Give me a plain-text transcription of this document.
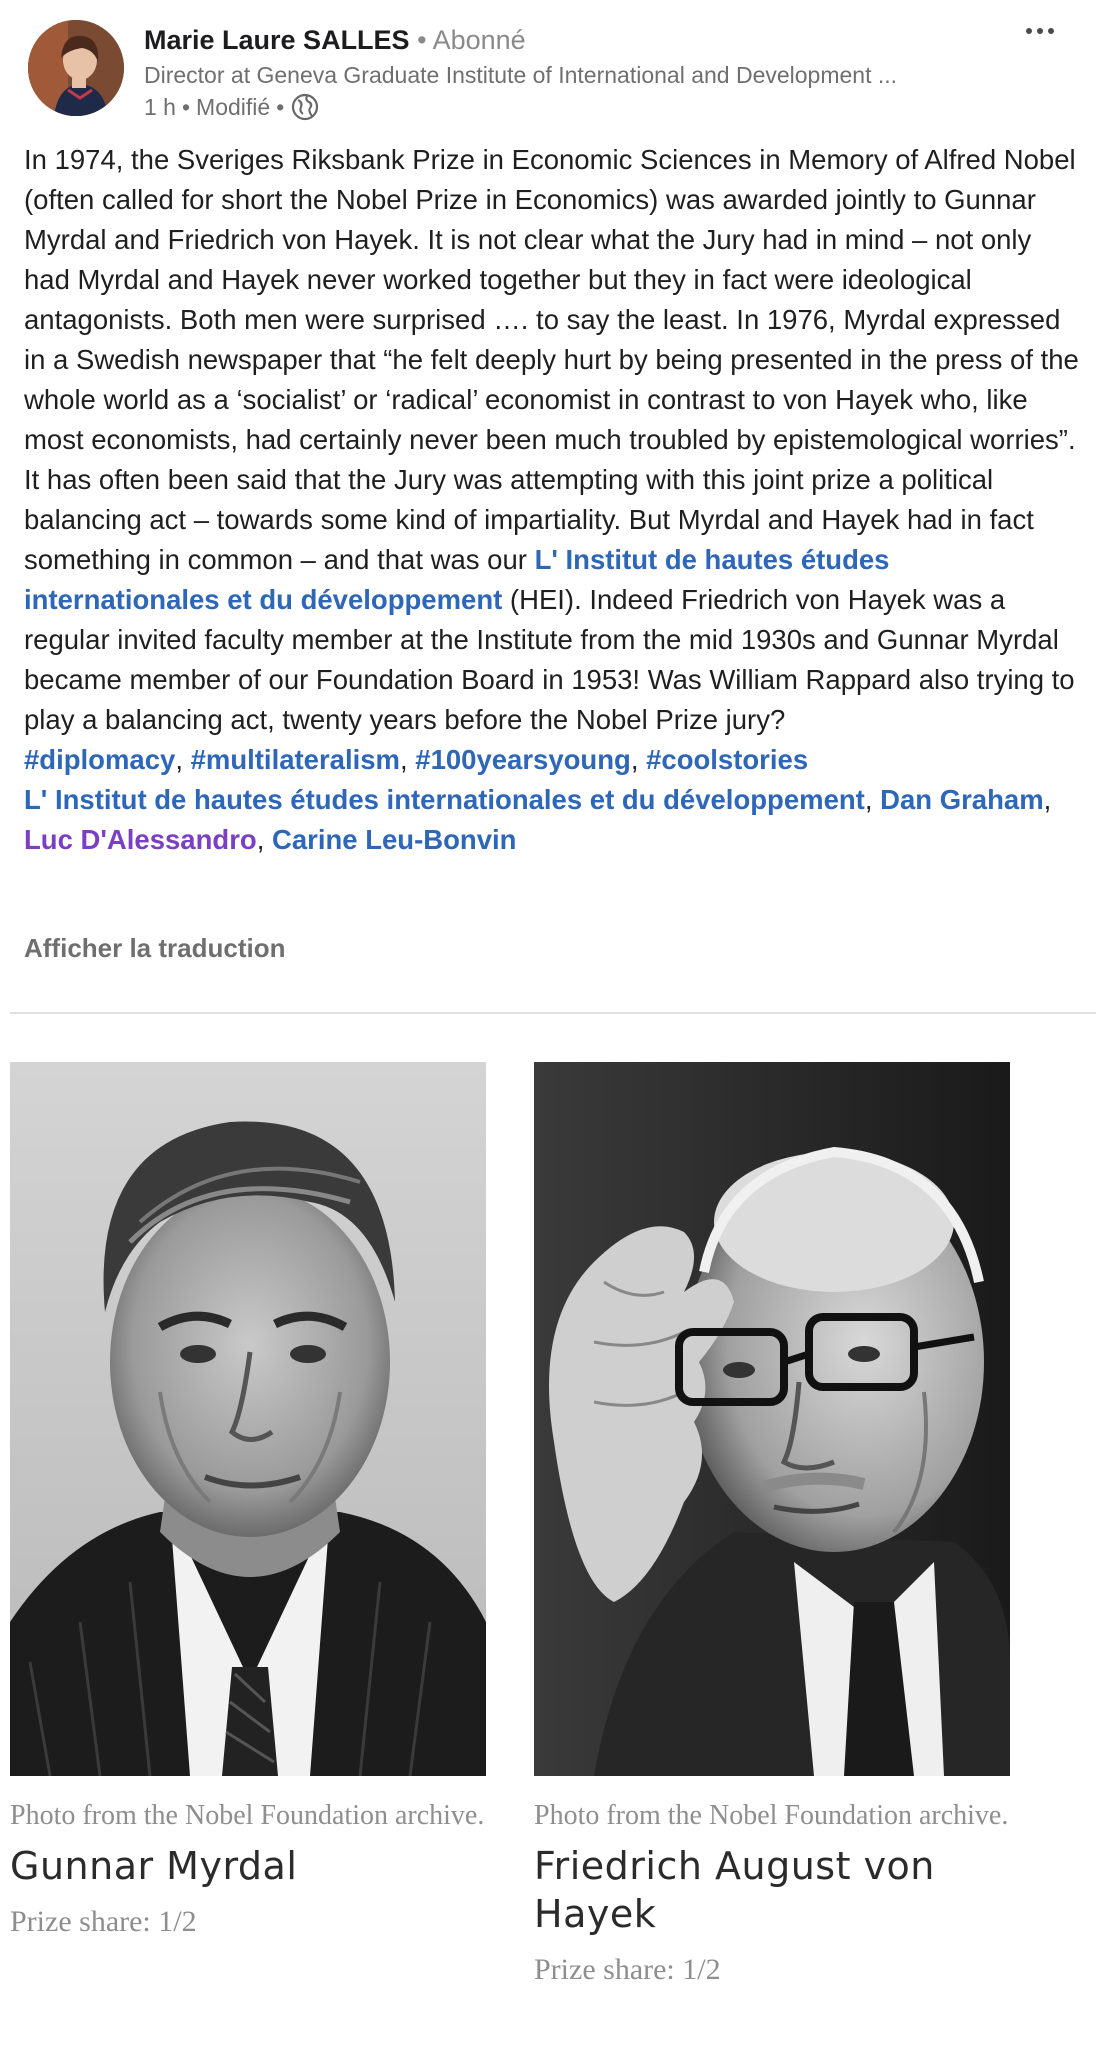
Marie Laure SALLES • Abonné
Director at Geneva Graduate Institute of International and Development ...
1 h • Modifié •
In 1974, the Sveriges Riksbank Prize in Economic Sciences in Memory of Alfred Nobel (often called for short the Nobel Prize in Economics) was awarded jointly to Gunnar Myrdal and Friedrich von Hayek. It is not clear what the Jury had in mind – not only had Myrdal and Hayek never worked together but they in fact were ideological antagonists. Both men were surprised …. to say the least. In 1976, Myrdal expressed in a Swedish newspaper that “he felt deeply hurt by being presented in the press of the whole world as a ‘socialist’ or ‘radical’ economist in contrast to von Hayek who, like most economists, had certainly never been much troubled by epistemological worries”. It has often been said that the Jury was attempting with this joint prize a political balancing act – towards some kind of impartiality. But Myrdal and Hayek had in fact something in common – and that was our L' Institut de hautes études internationales et du développement (HEI). Indeed Friedrich von Hayek was a regular invited faculty member at the Institute from the mid 1930s and Gunnar Myrdal became member of our Foundation Board in 1953! Was William Rappard also trying to play a balancing act, twenty years before the Nobel Prize jury?
#diplomacy, #multilateralism, #100yearsyoung, #coolstories
L' Institut de hautes études internationales et du développement, Dan Graham, Luc D'Alessandro, Carine Leu-Bonvin
Afficher la traduction
Photo from the Nobel Foundation archive.
Gunnar Myrdal
Prize share: 1/2
Photo from the Nobel Foundation archive.
Friedrich August von Hayek
Prize share: 1/2
